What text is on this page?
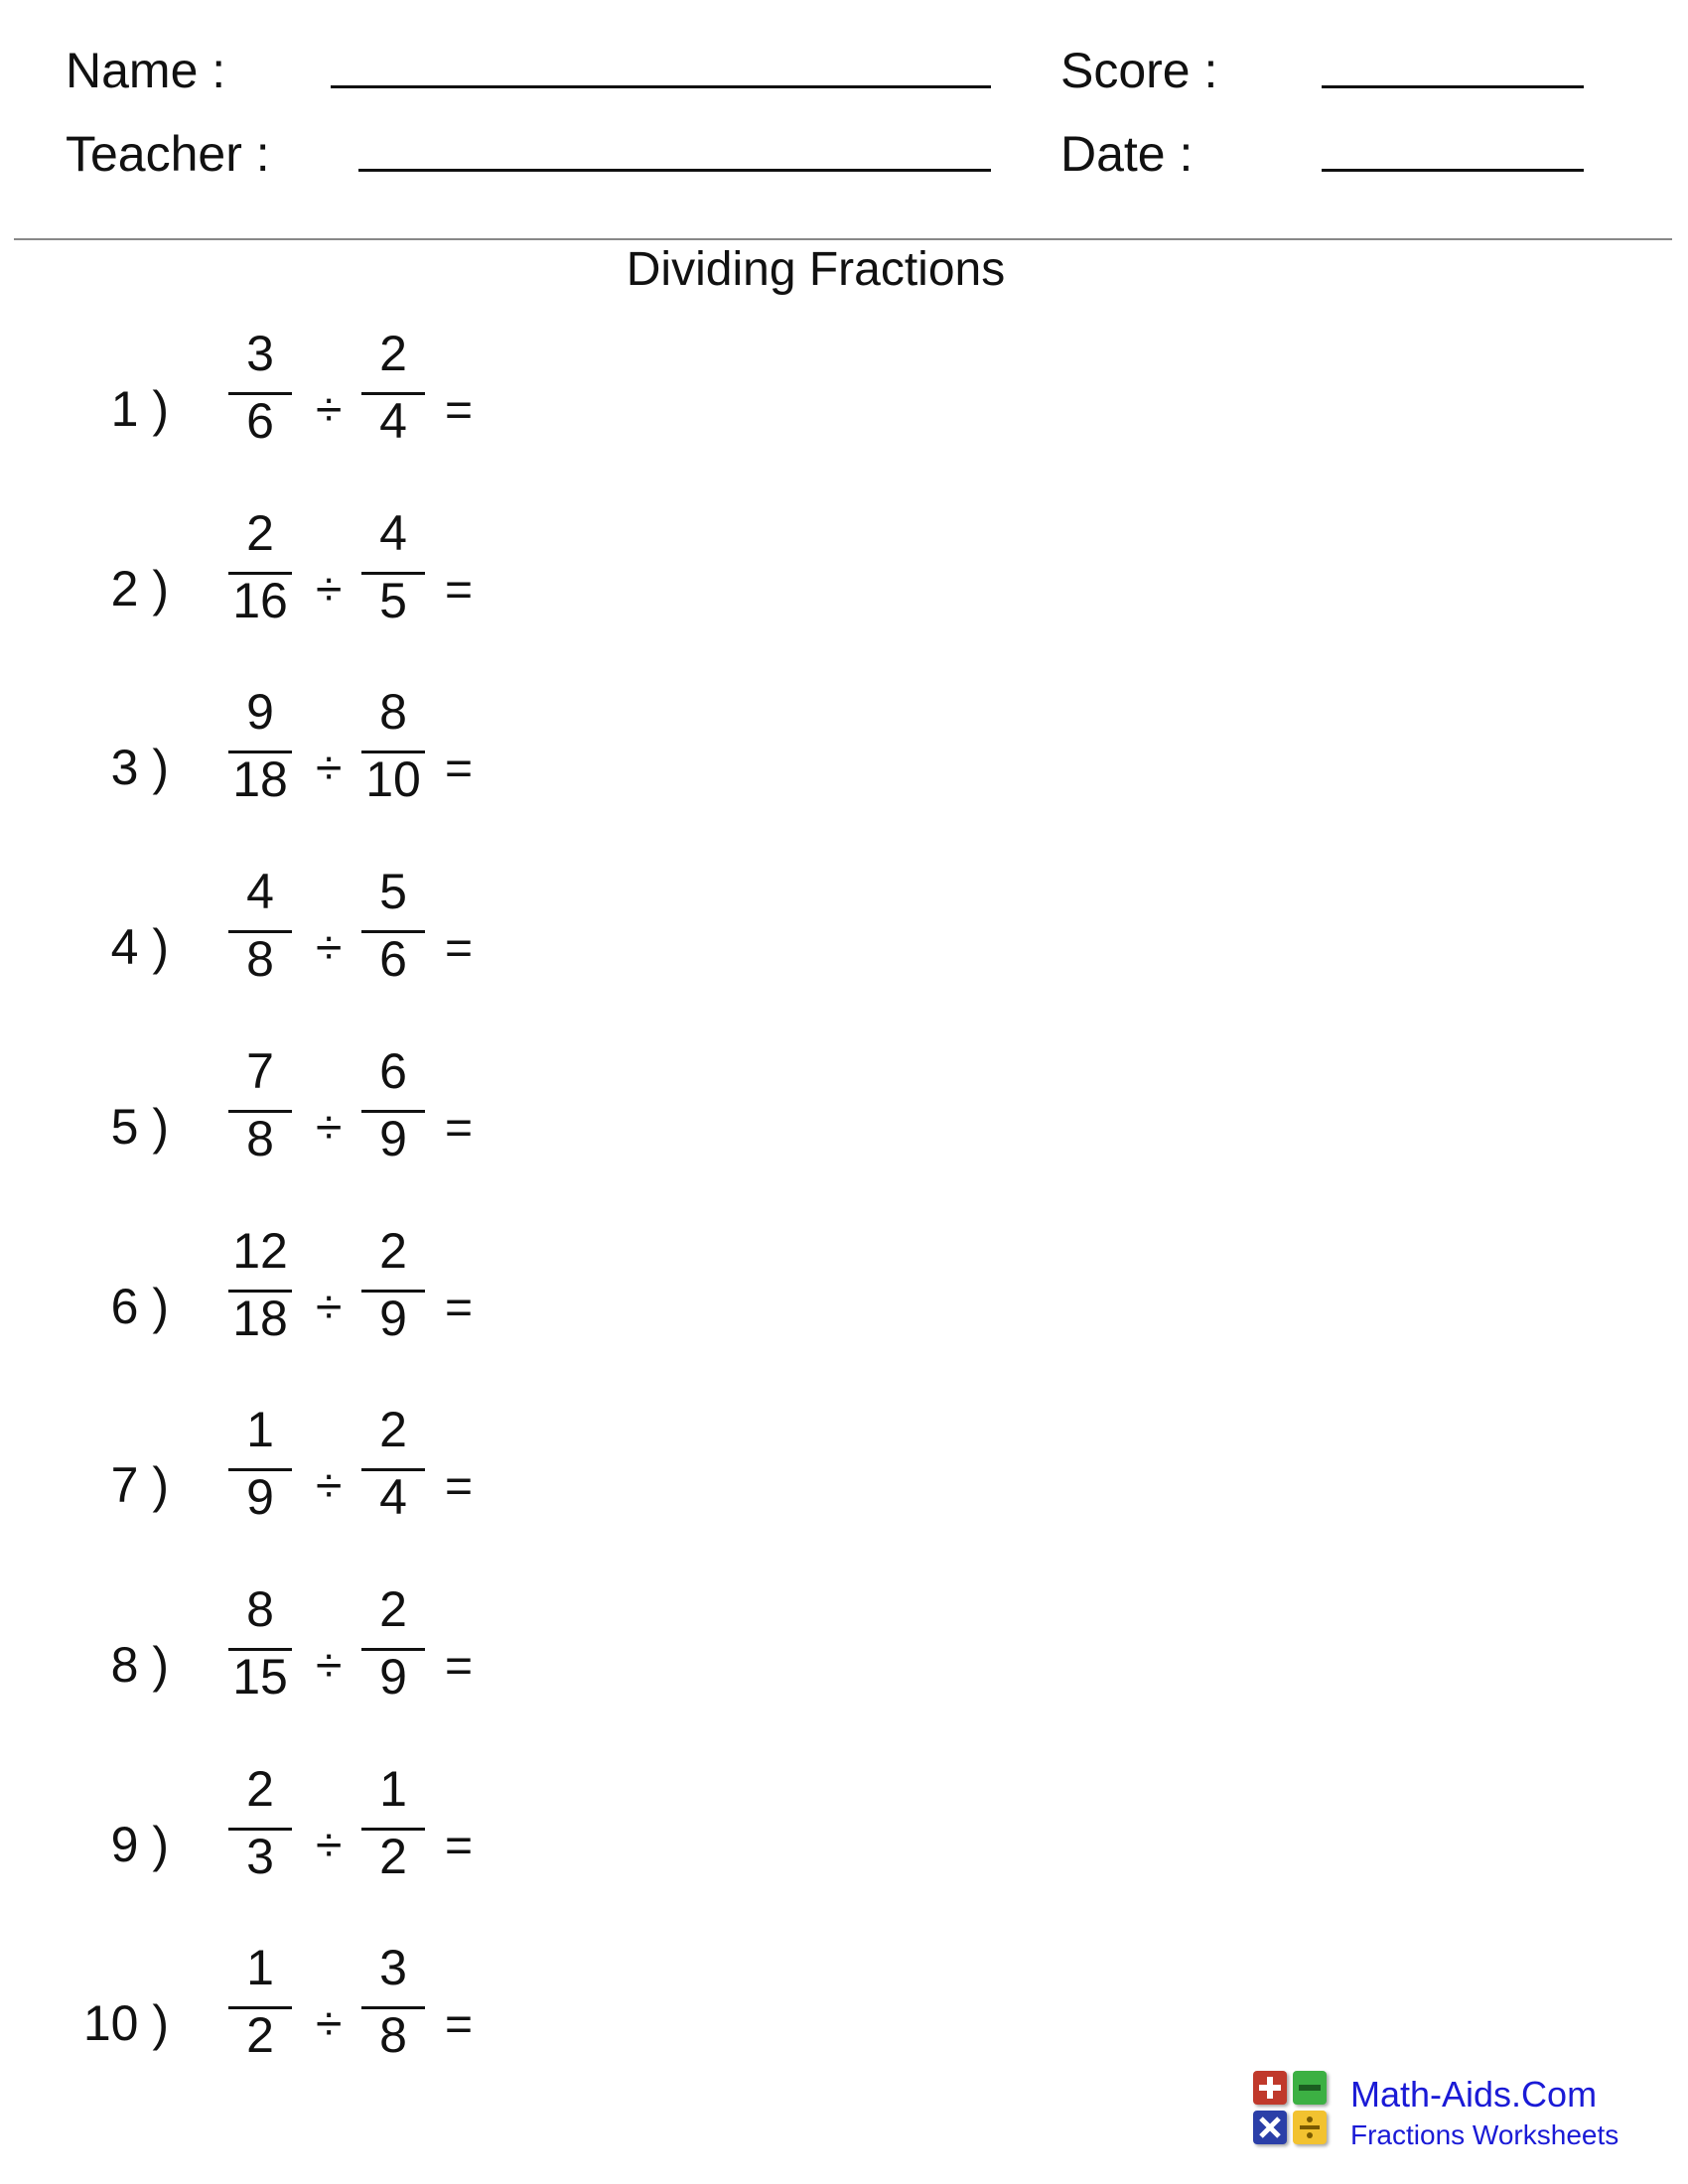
Name :
Teacher :
Score :
Date :
Dividing Fractions
1 )
3
6 ÷
2
4 =
2 )
2
16 ÷
4
5 =
3 )
9
18 ÷
8
10 =
4 )
4
8 ÷
5
6 =
5 )
7
8 ÷
6
9 =
6 )
12
18 ÷
2
9 =
7 )
1
9 ÷
2
4 =
8 )
8
15 ÷
2
9 =
9 )
2
3 ÷
1
2 =
10 )
1
2 ÷
3
8 =
Math-Aids.Com
Fractions Worksheets
